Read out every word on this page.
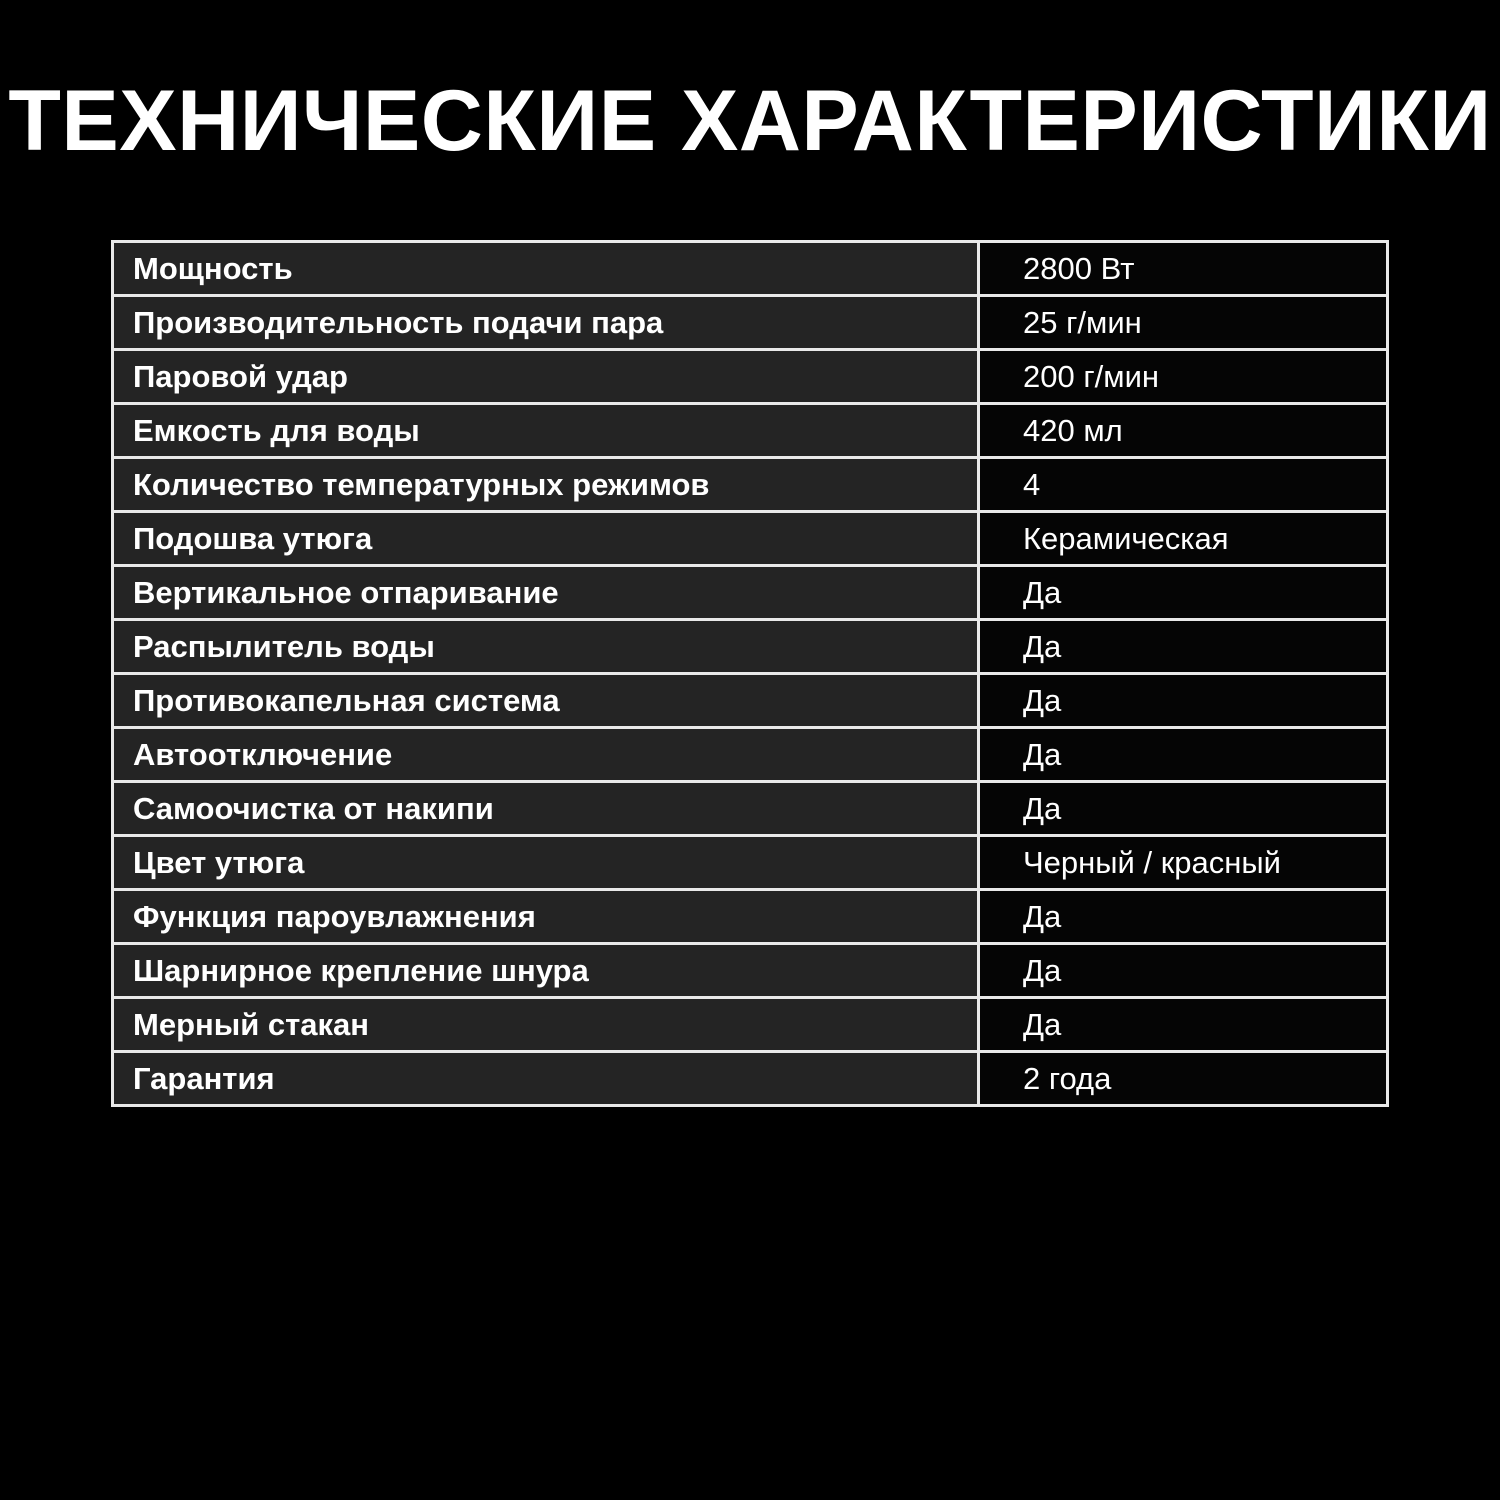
ТЕХНИЧЕСКИЕ ХАРАКТЕРИСТИКИ
Мощность	2800 Вт
Производительность подачи пара	25 г/мин
Паровой удар	200 г/мин
Емкость для воды	420 мл
Количество температурных режимов	4
Подошва утюга	Керамическая
Вертикальное отпаривание	Да
Распылитель воды	Да
Противокапельная система	Да
Автоотключение	Да
Самоочистка от накипи	Да
Цвет утюга	Черный / красный
Функция пароувлажнения	Да
Шарнирное крепление шнура	Да
Мерный стакан	Да
Гарантия	2 года
